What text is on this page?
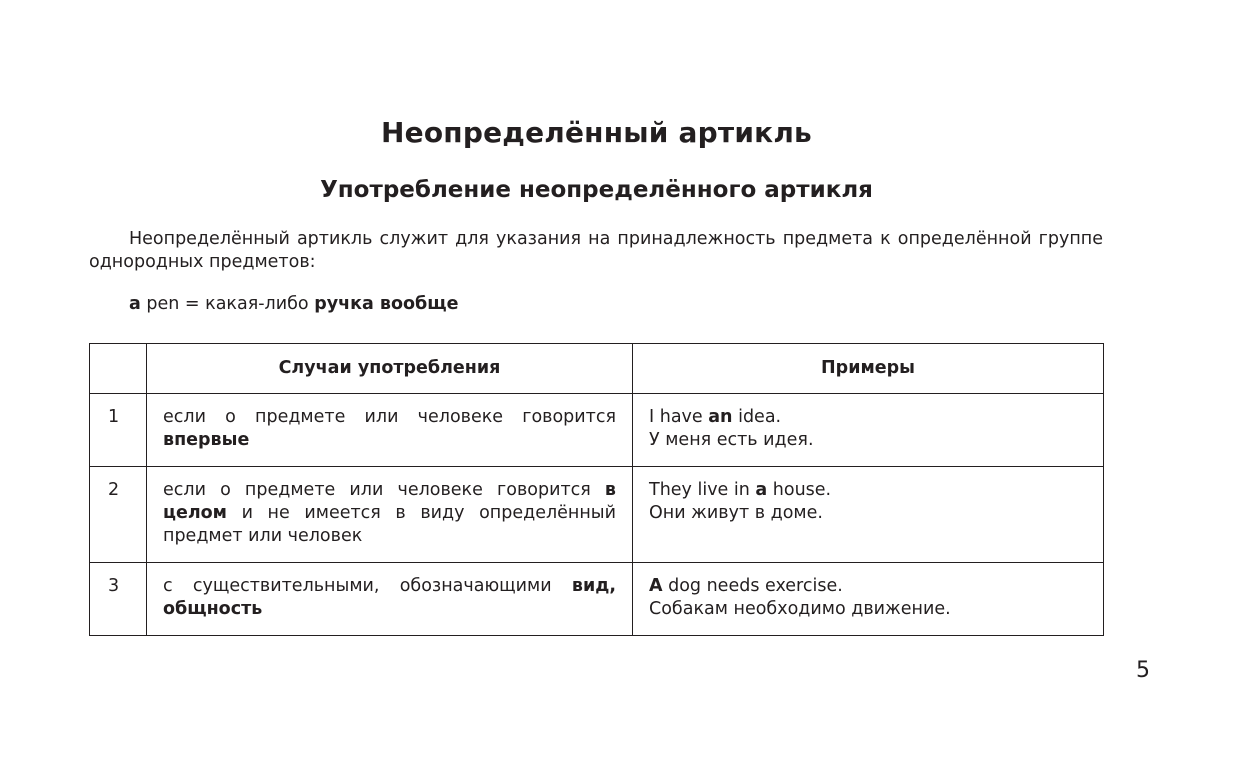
Неопределённый артикль
Употребление неопределённого артикля

Неопределённый артикль служит для указания на принадлежность предмета к определённой группе однородных предметов:

a pen = какая-либо ручка вообще

	Случаи употребления	Примеры
1	если о предмете или человеке говорится впервые	I have an idea.
У меня есть идея.

2	если о предмете или человеке говорится в целом и не имеется в виду определённый предмет или человек	They live in a house.
Они живут в доме.

3	с существительными, обозначающими вид, общность	A dog needs exercise.
Собакам необходимо движение.
5
